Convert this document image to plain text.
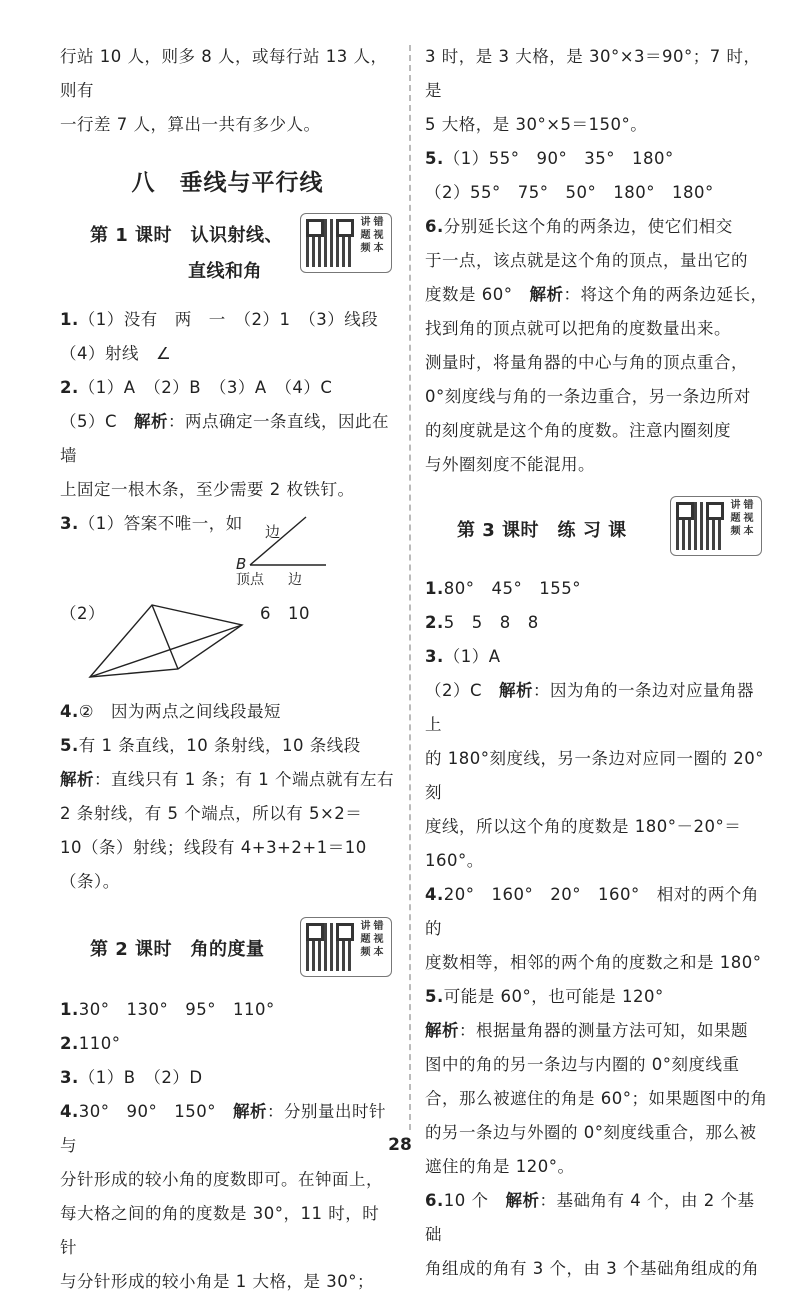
行站 10 人，则多 8 人，或每行站 13 人，则有

一行差 7 人，算出一共有多少人。

八　垂线与平行线
第 1 课时　认识射线、
直线和角
讲 错题 视频 本

1.（1）没有　两　一　（2）1　（3）线段

（4）射线　∠

2.（1）A　（2）B　（3）A　（4）C

（5）C　解析：两点确定一条直线，因此在墙

上固定一根木条，至少需要 2 枚铁钉。

3.（1）答案不唯一，如 边
B
顶点 边

（2）	6　10

4.②　因为两点之间线段最短

5.有 1 条直线，10 条射线，10 条线段

解析：直线只有 1 条；有 1 个端点就有左右

2 条射线，有 5 个端点，所以有 5×2＝

10（条）射线；线段有 4+3+2+1＝10（条）。

第 2 课时　角的度量
讲 错题 视频 本

1.30°　130°　95°　110°

2.110°

3.（1）B　（2）D

4.30°　90°　150°　解析：分别量出时针与

分针形成的较小角的度数即可。在钟面上，

每大格之间的角的度数是 30°，11 时，时针

与分针形成的较小角是 1 大格，是 30°；

3 时，是 3 大格，是 30°×3＝90°；7 时，是

5 大格，是 30°×5＝150°。

5.（1）55°　90°　35°　180°

（2）55°　75°　50°　180°　180°

6.分别延长这个角的两条边，使它们相交

于一点，该点就是这个角的顶点，量出它的

度数是 60°　解析：将这个角的两条边延长，

找到角的顶点就可以把角的度数量出来。

测量时，将量角器的中心与角的顶点重合，

0°刻度线与角的一条边重合，另一条边所对

的刻度就是这个角的度数。注意内圈刻度

与外圈刻度不能混用。

第 3 课时　练 习 课
讲 错题 视频 本

1.80°　45°　155°

2.5　5　8　8

3.（1）A

（2）C　解析：因为角的一条边对应量角器上

的 180°刻度线，另一条边对应同一圈的 20°刻

度线，所以这个角的度数是 180°－20°＝160°。

4.20°　160°　20°　160°　相对的两个角的

度数相等，相邻的两个角的度数之和是 180°

5.可能是 60°，也可能是 120°

解析：根据量角器的测量方法可知，如果题

图中的角的另一条边与内圈的 0°刻度线重

合，那么被遮住的角是 60°；如果题图中的角

的另一条边与外圈的 0°刻度线重合，那么被

遮住的角是 120°。

6.10 个　解析：基础角有 4 个，由 2 个基础

角组成的角有 3 个，由 3 个基础角组成的角

28
